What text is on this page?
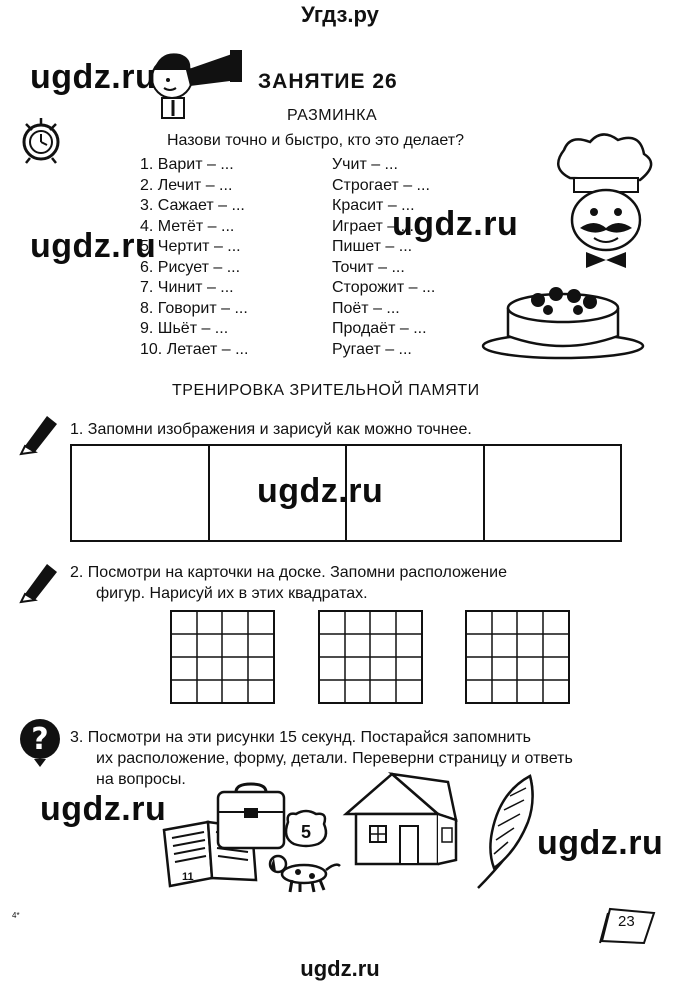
Угдз.ру
ЗАНЯТИЕ 26
РАЗМИНКА
Назови точно и быстро, кто это делает?
1. Варит – ...
2. Лечит – ...
3. Сажает – ...
4. Метёт – ...
5. Чертит – ...
6. Рисует – ...
7. Чинит – ...
8. Говорит – ...
9. Шьёт – ...
10. Летает – ...
Учит – ...
Строгает – ...
Красит – ...
Играет – ...
Пишет – ...
Точит – ...
Сторожит – ...
Поёт – ...
Продаёт – ...
Ругает – ...
ТРЕНИРОВКА ЗРИТЕЛЬНОЙ ПАМЯТИ
1. Запомни изображения и зарисуй как можно точнее.
2. Посмотри на карточки на доске. Запомни расположение
фигур. Нарисуй их в этих квадратах.
? 3. Посмотри на эти рисунки 15 секунд. Постарайся запомнить
их расположение, форму, детали. Переверни страницу и ответь
на вопросы.
11
5
23
4*
ugdz.ru
ugdz.ru
ugdz.ru
ugdz.ru
ugdz.ru
ugdz.ru
ugdz.ru
